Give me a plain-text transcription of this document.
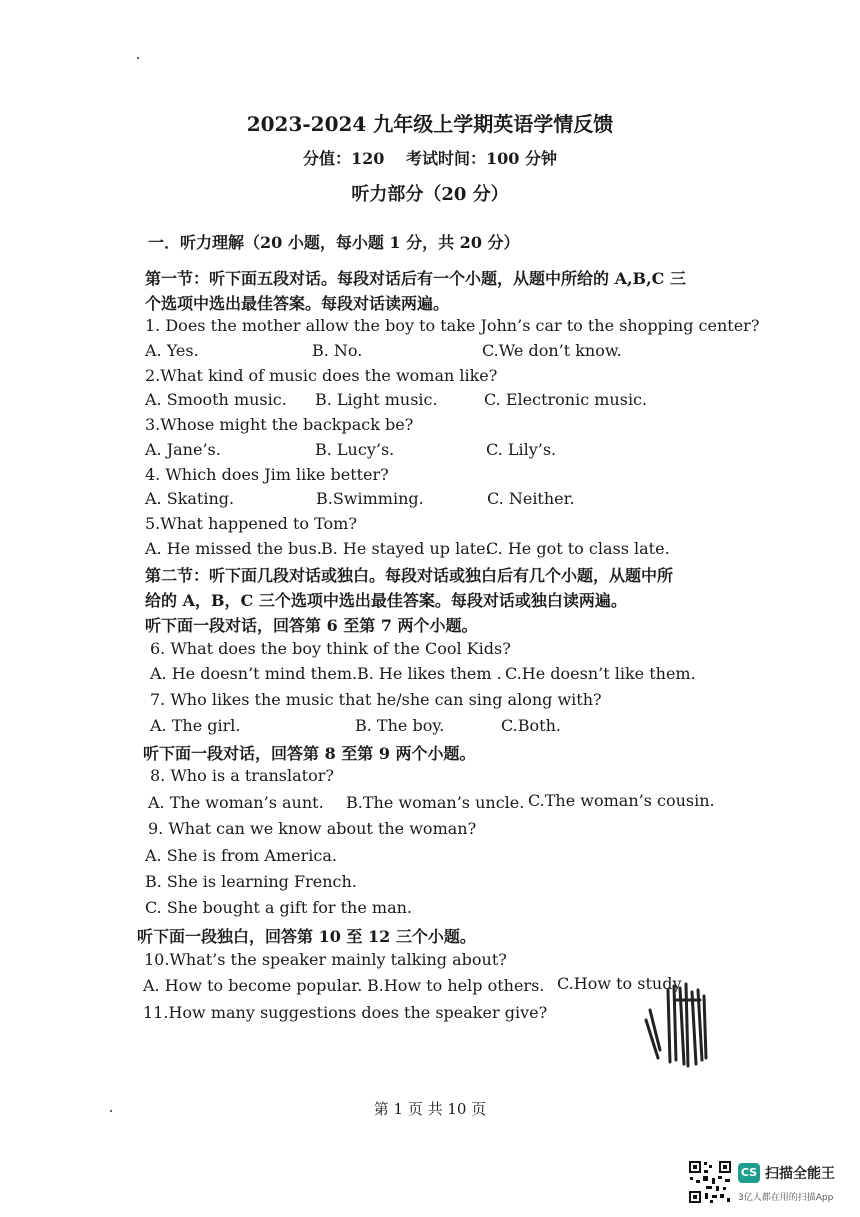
2023-2024 九年级上学期英语学情反馈
分值：120　 考试时间：100 分钟
听力部分（20 分）
一．听力理解（20 小题，每小题 1 分，共 20 分）
第一节：听下面五段对话。每段对话后有一个小题，从题中所给的 A,B,C 三
个选项中选出最佳答案。每段对话读两遍。
1. Does the mother allow the boy to take John’s car to the shopping center?
A. Yes.	B. No.	C.We don’t know.
2.What kind of music does the woman like?
A. Smooth music. B. Light music.	C. Electronic music.
3.Whose might the backpack be?
A. Jane’s.	B. Lucy’s.	C. Lily’s.
4. Which does Jim like better?
A. Skating.	B.Swimming.	C. Neither.
5.What happened to Tom?
A. He missed the bus. B. He stayed up late.
C. He got to class late.
第二节：听下面几段对话或独白。每段对话或独白后有几个小题，从题中所
给的 A，B，C 三个选项中选出最佳答案。每段对话或独白读两遍。
听下面一段对话，回答第 6 至第 7 两个小题。
6. What does the boy think of the Cool Kids?
A. He doesn’t mind them. B. He likes them . C.He doesn’t like them.
7. Who likes the music that he/she can sing along with?
A. The girl.	B. The boy.	C.Both.
听下面一段对话，回答第 8 至第 9 两个小题。
8. Who is a translator?
A. The woman’s aunt. B.The woman’s uncle. C.The woman’s cousin.
9. What can we know about the woman?
A. She is from America.
B. She is learning French.
C. She bought a gift for the man.
听下面一段独白，回答第 10 至 12 三个小题。
10.What’s the speaker mainly talking about?
A. How to become popular. B.How to help others. C.How to study
11.How many suggestions does the speaker give?
第 1 页 共 10 页
CS 扫描全能王
3亿人都在用的扫描App
